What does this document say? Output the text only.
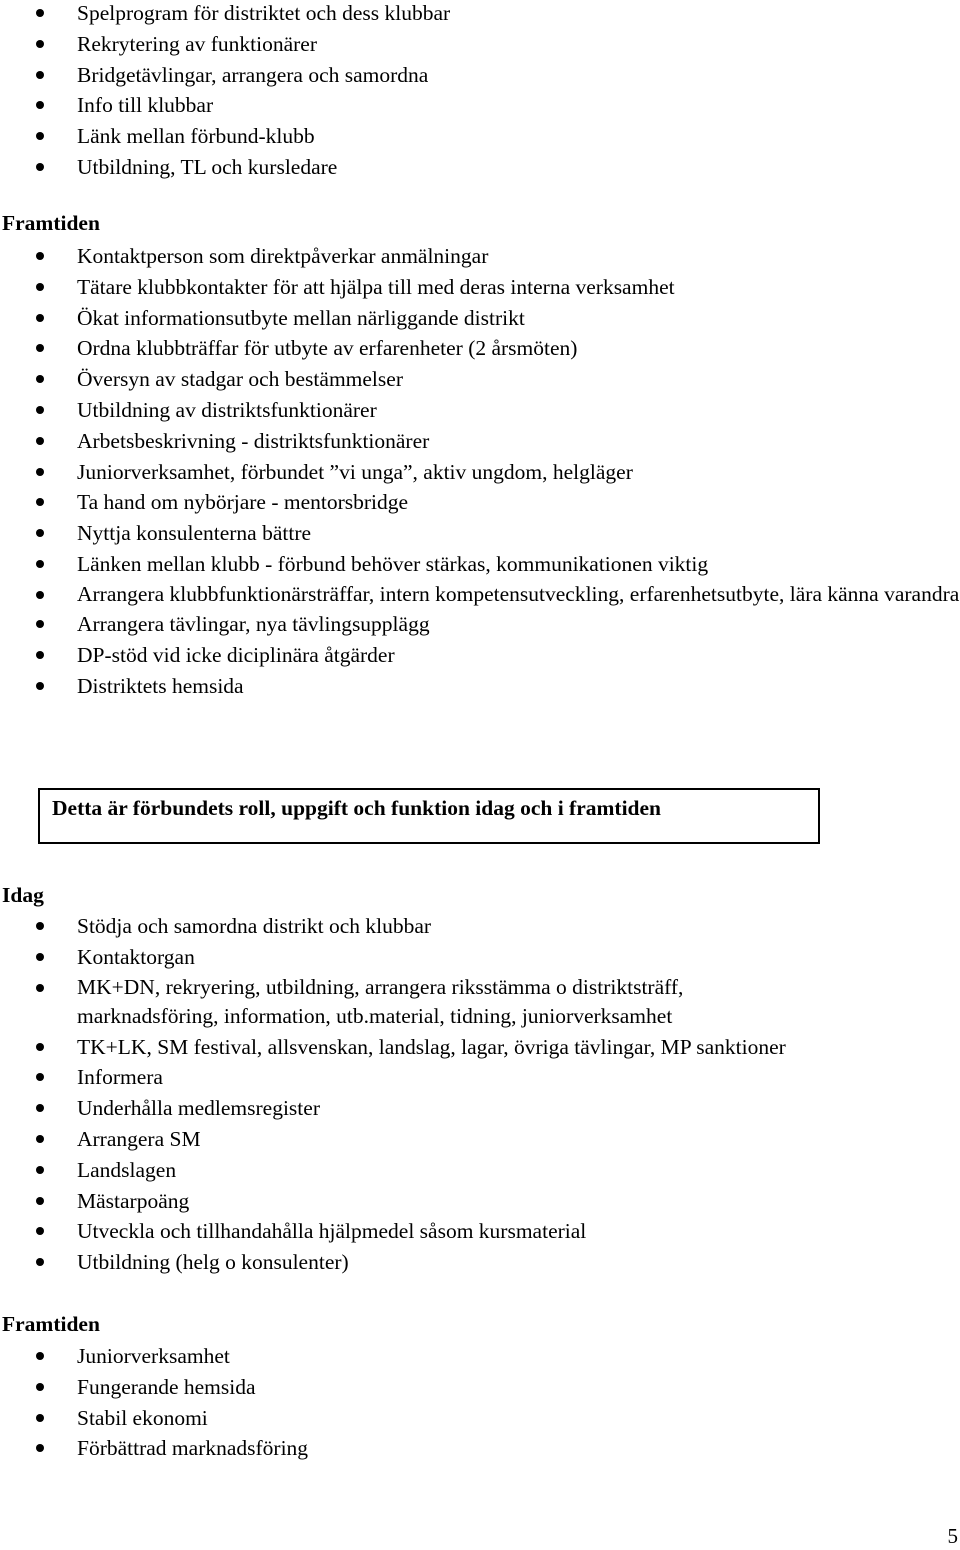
Spelprogram för distriktet och dess klubbar
Rekrytering av funktionärer
Bridgetävlingar, arrangera och samordna
Info till klubbar
Länk mellan förbund-klubb
Utbildning, TL och kursledare
Framtiden
Kontaktperson som direktpåverkar anmälningar
Tätare klubbkontakter för att hjälpa till med deras interna verksamhet
Ökat informationsutbyte mellan närliggande distrikt
Ordna klubbträffar för utbyte av erfarenheter (2 årsmöten)
Översyn av stadgar och bestämmelser
Utbildning av distriktsfunktionärer
Arbetsbeskrivning - distriktsfunktionärer
Juniorverksamhet, förbundet ”vi unga”, aktiv ungdom, helgläger
Ta hand om nybörjare - mentorsbridge
Nyttja konsulenterna bättre
Länken mellan klubb - förbund behöver stärkas, kommunikationen viktig
Arrangera klubbfunktionärsträffar, intern kompetensutveckling, erfarenhetsutbyte, lära känna varandra
Arrangera tävlingar, nya tävlingsupplägg
DP-stöd vid icke diciplinära åtgärder
Distriktets hemsida
Detta är förbundets roll, uppgift och funktion idag och i framtiden
Idag
Stödja och samordna distrikt och klubbar
Kontaktorgan
MK+DN, rekryering, utbildning, arrangera riksstämma o distriktsträff, marknadsföring, information, utb.material, tidning, juniorverksamhet
TK+LK, SM festival, allsvenskan, landslag, lagar, övriga tävlingar, MP sanktioner
Informera
Underhålla medlemsregister
Arrangera SM
Landslagen
Mästarpoäng
Utveckla och tillhandahålla hjälpmedel såsom kursmaterial
Utbildning (helg o konsulenter)
Framtiden
Juniorverksamhet
Fungerande hemsida
Stabil ekonomi
Förbättrad marknadsföring
5
